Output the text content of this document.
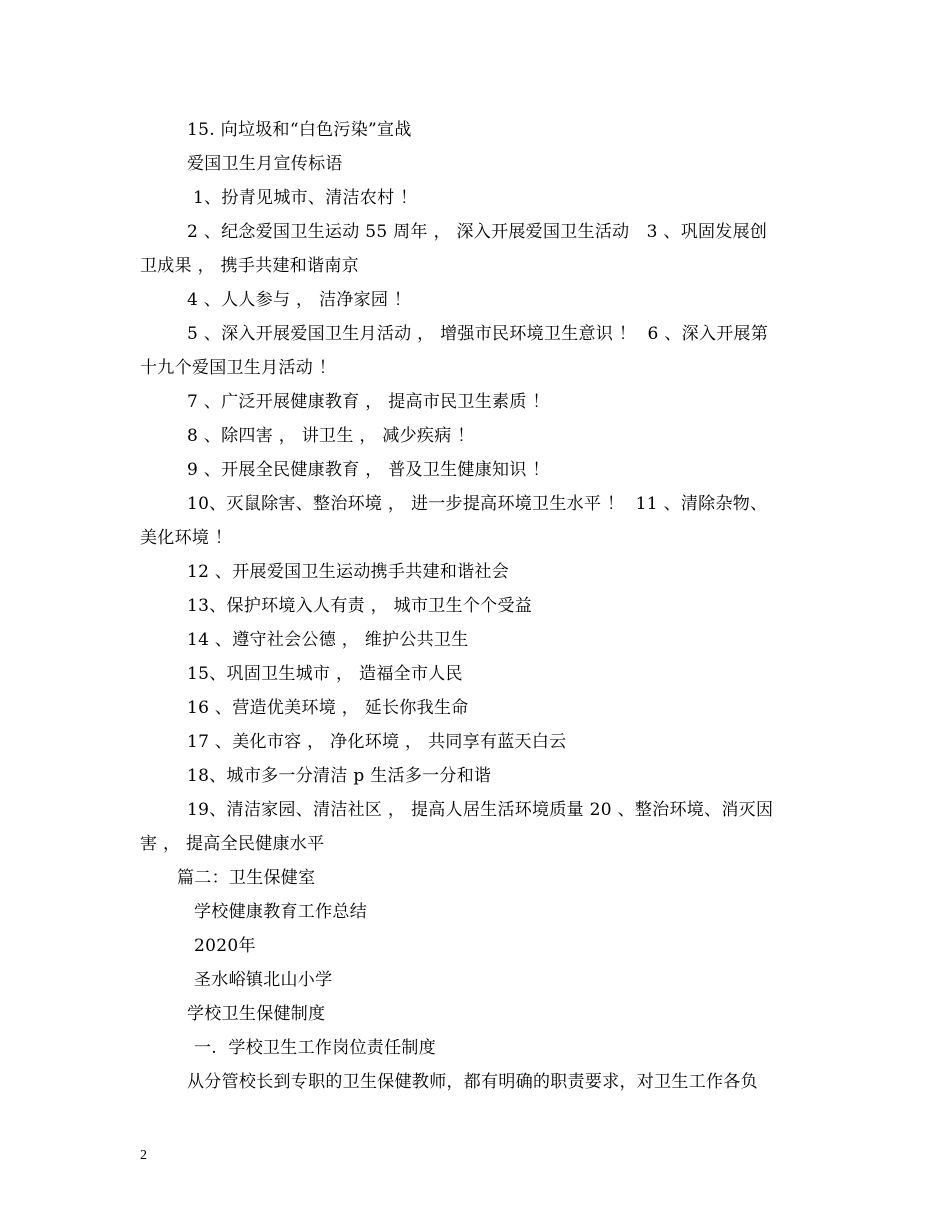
15. 向垃圾和“白色污染”宣战
爱国卫生月宣传标语
1、扮青见城市、清洁农村 ！
2 、纪念爱国卫生运动 55 周年 ， 深入开展爱国卫生活动   3 、巩固发展创
卫成果 ， 携手共建和谐南京
4 、人人参与 ， 洁净家园 ！
5 、深入开展爱国卫生月活动 ， 增强市民环境卫生意识 ！  6 、深入开展第
十九个爱国卫生月活动 ！
7 、广泛开展健康教育 ， 提高市民卫生素质 ！
8 、除四害 ， 讲卫生 ， 减少疾病 ！
9 、开展全民健康教育 ， 普及卫生健康知识 ！
10、灭鼠除害、整治环境 ， 进一步提高环境卫生水平 ！  11 、清除杂物、
美化环境 ！
12 、开展爱国卫生运动携手共建和谐社会
13、保护环境入人有责 ， 城市卫生个个受益
14 、遵守社会公德 ， 维护公共卫生
15、巩固卫生城市 ， 造福全市人民
16 、营造优美环境 ， 延长你我生命
17 、美化市容 ， 净化环境 ， 共同享有蓝天白云
18、城市多一分清洁 p 生活多一分和谐
19、清洁家园、清洁社区 ， 提高人居生活环境质量 20 、整治环境、消灭因
害 ， 提高全民健康水平
篇二：卫生保健室
学校健康教育工作总结
2020年
圣水峪镇北山小学
学校卫生保健制度
一.  学校卫生工作岗位责任制度
从分管校长到专职的卫生保健教师，都有明确的职责要求，对卫生工作各负
2
